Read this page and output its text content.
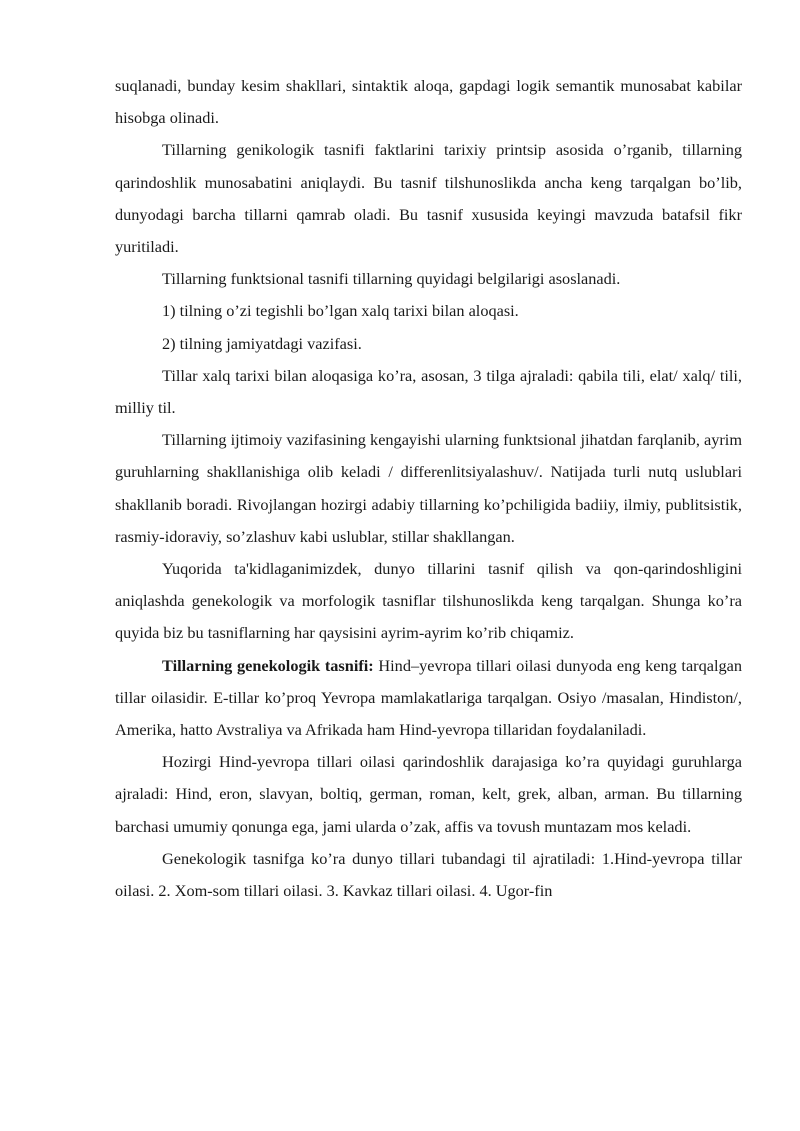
suqlanadi, bunday kesim shakllari, sintaktik aloqa, gapdagi logik semantik munosabat kabilar hisobga olinadi.

Tillarning genikologik tasnifi faktlarini tarixiy printsip asosida o’rganib, tillarning qarindoshlik munosabatini aniqlaydi. Bu tasnif tilshunoslikda ancha keng tarqalgan bo’lib, dunyodagi barcha tillarni qamrab oladi. Bu tasnif xususida keyingi mavzuda batafsil fikr yuritiladi.

Tillarning funktsional tasnifi tillarning quyidagi belgilarigi asoslanadi.

1) tilning o’zi tegishli bo’lgan xalq tarixi bilan aloqasi.

2) tilning jamiyatdagi vazifasi.

Tillar xalq tarixi bilan aloqasiga ko’ra, asosan, 3 tilga ajraladi: qabila tili, elat/ xalq/ tili, milliy til.

Tillarning ijtimoiy vazifasining kengayishi ularning funktsional jihatdan farqlanib, ayrim guruhlarning shakllanishiga olib keladi / differenlitsiyalashuv/. Natijada turli nutq uslublari shakllanib boradi. Rivojlangan hozirgi adabiy tillarning ko’pchiligida badiiy, ilmiy, publitsistik, rasmiy-idoraviy, so’zlashuv kabi uslublar, stillar shakllangan.

Yuqorida ta'kidlaganimizdek, dunyo tillarini tasnif qilish va qon-qarindoshligini aniqlashda genekologik va morfologik tasniflar tilshunoslikda keng tarqalgan. Shunga ko’ra quyida biz bu tasniflarning har qaysisini ayrim-ayrim ko’rib chiqamiz.

Tillarning genekologik tasnifi: Hind–yevropa tillari oilasi dunyoda eng keng tarqalgan tillar oilasidir. E-tillar ko’proq Yevropa mamlakatlariga tarqalgan. Osiyo /masalan, Hindiston/, Amerika, hatto Avstraliya va Afrikada ham Hind-yevropa tillaridan foydalaniladi.

Hozirgi Hind-yevropa tillari oilasi qarindoshlik darajasiga ko’ra quyidagi guruhlarga ajraladi: Hind, eron, slavyan, boltiq, german, roman, kelt, grek, alban, arman. Bu tillarning barchasi umumiy qonunga ega, jami ularda o’zak, affis va tovush muntazam mos keladi.

Genekologik tasnifga ko’ra dunyo tillari tubandagi til ajratiladi: 1.Hind-yevropa tillar oilasi. 2. Xom-som tillari oilasi. 3. Kavkaz tillari oilasi. 4. Ugor-fin
